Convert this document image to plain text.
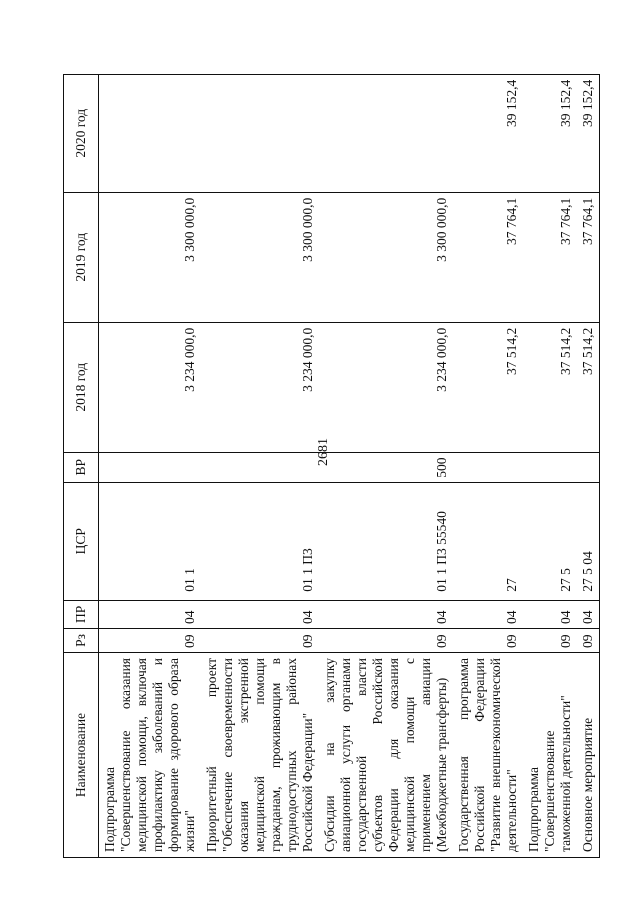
2681
Наименование	Рз	ПР	ЦСР	ВР	2018 год	2019 год	2020 год
Подпрограмма "Совершенствование оказания медицинской помощи, включая профилактику заболеваний и формирование здорового образа жизни"	09	04	01 1		3 234 000,0	3 300 000,0	
Приоритетный проект "Обеспечение своевременности оказания экстренной медицинской помощи гражданам, проживающим в труднодоступных районах Российской Федерации"	09	04	01 1 П3		3 234 000,0	3 300 000,0	
Субсидии на закупку авиационной услуги органами государственной власти субъектов Российской Федерации для оказания медицинской помощи с применением авиации (Межбюджетные трансферты)	09	04	01 1 П3 55540	500	3 234 000,0	3 300 000,0	
Государственная программа Российской Федерации "Развитие внешнеэкономической деятельности"	09	04	27		37 514,2	37 764,1	39 152,4
Подпрограмма "Совершенствование таможенной деятельности"	09	04	27 5		37 514,2	37 764,1	39 152,4
Основное мероприятие	09	04	27 5 04		37 514,2	37 764,1	39 152,4
